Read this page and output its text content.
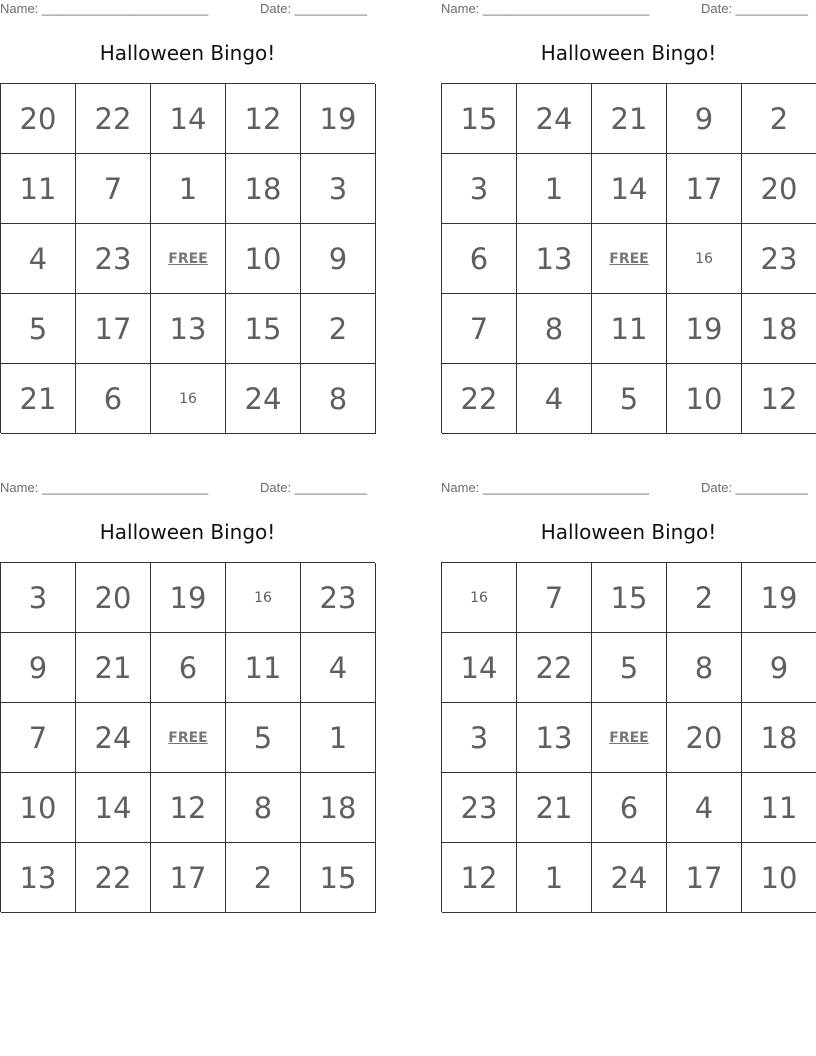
Name: _______________________	Date: __________
Halloween Bingo!
20	22	14	12	19
11	7	1	18	3
4	23	FREE	10	9
5	17	13	15	2
21	6	16	24	8
Name: _______________________	Date: __________
Halloween Bingo!
15	24	21	9	2
3	1	14	17	20
6	13	FREE	16	23
7	8	11	19	18
22	4	5	10	12
Name: _______________________	Date: __________
Halloween Bingo!
3	20	19	16	23
9	21	6	11	4
7	24	FREE	5	1
10	14	12	8	18
13	22	17	2	15
Name: _______________________	Date: __________
Halloween Bingo!
16	7	15	2	19
14	22	5	8	9
3	13	FREE	20	18
23	21	6	4	11
12	1	24	17	10
